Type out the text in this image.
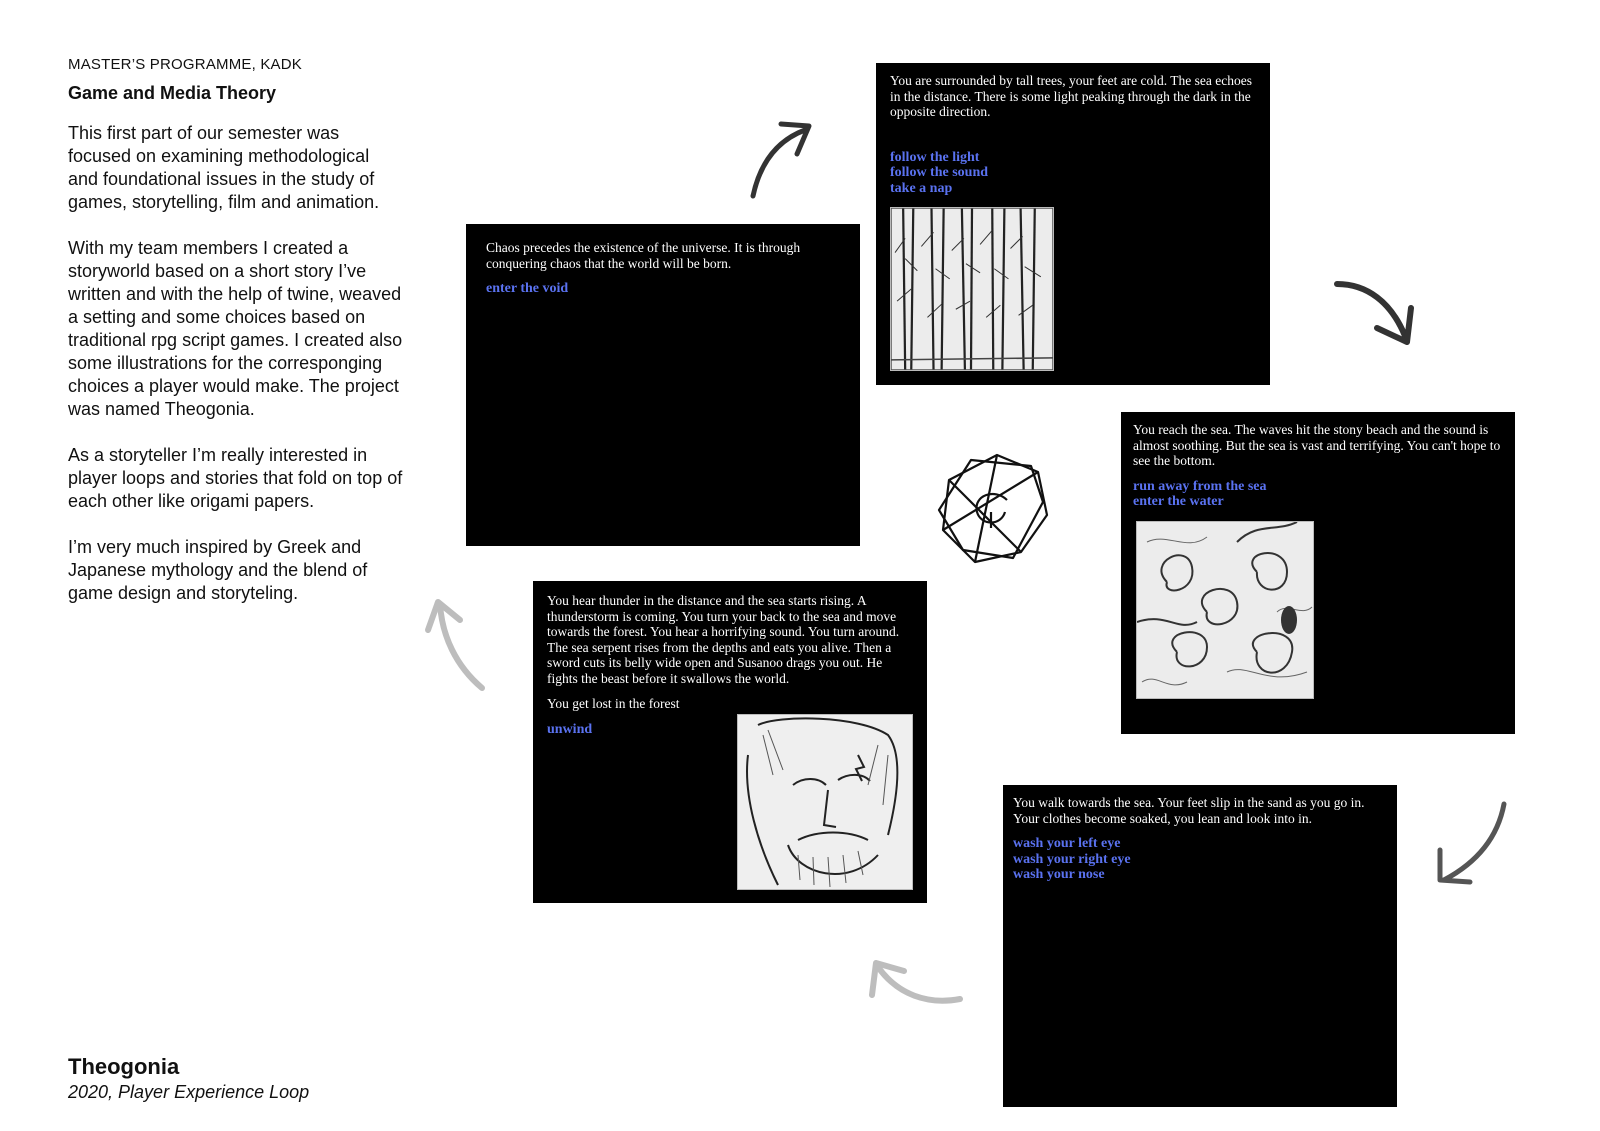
MASTER’S PROGRAMME, KADK

Game and Media Theory

This first part of our semester was focused on examining methodological and foundational issues in the study of games, storytelling, film and animation.

With my team members I created a storyworld based on a short story I’ve written and with the help of twine, weaved a setting and some choices based on traditional rpg script games. I created also some illustrations for the corresponging choices a player would make. The project was named Theogonia.

As a storyteller I’m really interested in player loops and stories that fold on top of each other like origami papers.

I’m very much inspired by Greek and Japanese mythology and the blend of game design and storyteling.

Theogonia

2020, Player Experience Loop

Chaos precedes the existence of the universe. It is through conquering chaos that the world will be born.

enter the void

You are surrounded by tall trees, your feet are cold. The sea echoes in the distance. There is some light peaking through the dark in the opposite direction.

follow the light

follow the sound

take a nap

You reach the sea. The waves hit the stony beach and the sound is almost soothing. But the sea is vast and terrifying. You can't hope to see the bottom.

run away from the sea

enter the water

You walk towards the sea. Your feet slip in the sand as you go in. Your clothes become soaked, you lean and look into in.

wash your left eye

wash your right eye

wash your nose

You hear thunder in the distance and the sea starts rising. A thunderstorm is coming. You turn your back to the sea and move towards the forest. You hear a horrifying sound. You turn around. The sea serpent rises from the depths and eats you alive. Then a sword cuts its belly wide open and Susanoo drags you out. He fights the beast before it swallows the world.

You get lost in the forest

unwind
